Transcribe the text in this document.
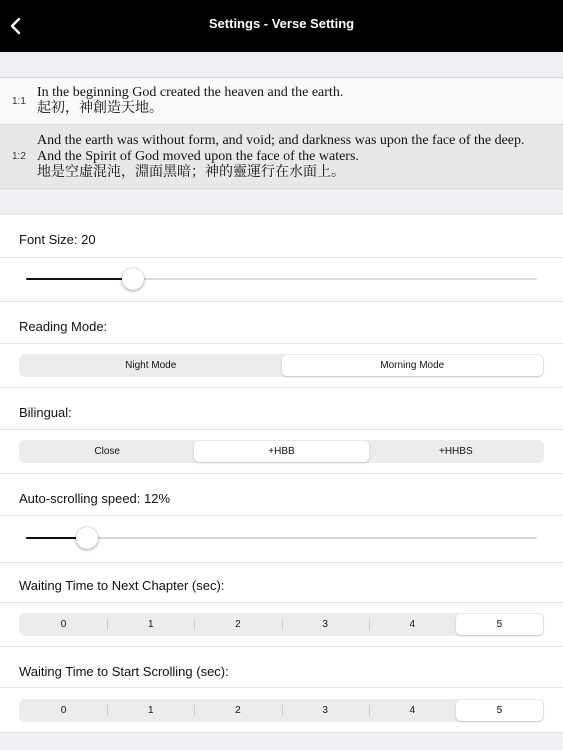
Settings - Verse Setting
1:1
In the beginning God created the heaven and the earth.
起初，神創造天地。
1:2
And the earth was without form, and void; and darkness was upon the face of the deep.
And the Spirit of God moved upon the face of the waters.
地是空虛混沌，淵面黑暗；神的靈運行在水面上。
Font Size: 20
Reading Mode:
Night Mode	Morning Mode
Bilingual:
Close	+HBB	+HHBS
Auto-scrolling speed: 12%
Waiting Time to Next Chapter (sec):
0	1	2	3	4	5
Waiting Time to Start Scrolling (sec):
0	1	2	3	4	5
